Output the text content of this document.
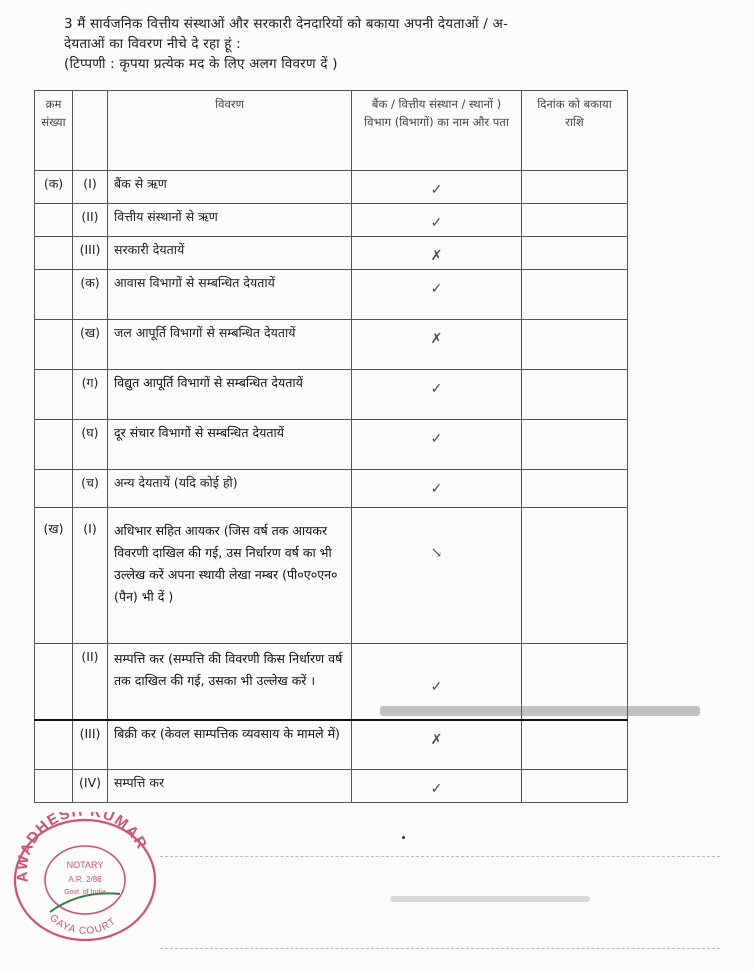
3 मैं सार्वजनिक वित्तीय संस्थाओं और सरकारी देनदारियों को बकाया अपनी देयताओं / अ-
देयताओं का विवरण नीचे दे रहा हूं :

(टिप्पणी : कृपया प्रत्येक मद के लिए अलग विवरण दें )
क्रम संख्या		विवरण	बैंक / वित्तीय संस्थान / स्थानों ) विभाग (विभागों) का नाम और पता	दिनांक को बकाया राशि
(क)	(I)	बैंक से ऋण	✓	
	(II)	वित्तीय संस्थानों से ऋण	✓	
	(III)	सरकारी देयतायें	✗	
	(क)	आवास विभागों से सम्बन्धित देयतायें	✓	
	(ख)	जल आपूर्ति विभागों से सम्बन्धित देयतायें	✗	
	(ग)	विद्युत आपूर्ति विभागों से सम्बन्धित देयतायें	✓	
	(घ)	दूर संचार विभागों से सम्बन्धित देयतायें	✓	
	(च)	अन्य देयतायें (यदि कोई हो)	✓	
(ख)	(I)	अधिभार सहित आयकर (जिस वर्ष तक आयकर विवरणी दाखिल की गई, उस निर्धारण वर्ष का भी उल्लेख करें अपना स्थायी लेखा नम्बर (पी०ए०एन० (पैन) भी दें )	↘	
	(II)	सम्पत्ति कर (सम्पत्ति की विवरणी किस निर्धारण वर्ष तक दाखिल की गई, उसका भी उल्लेख करें ।	✓	
	(III)	बिक्री कर (केवल साम्पत्तिक व्यवसाय के मामले में)	✗	
	(IV)	सम्पत्ति कर	✓	
AWADHES KUMAR
GAYA COURT
NOTARY
A.R. 2/86
Govt. of India
